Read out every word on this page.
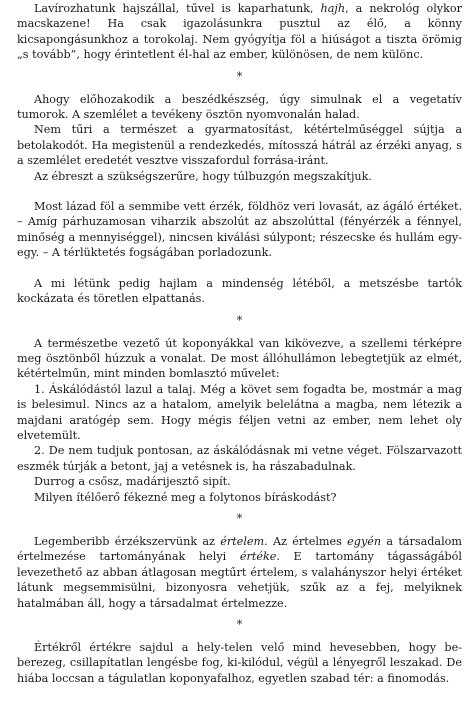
Lavírozhatunk hajszállal, tűvel is kaparhatunk, hajh, a nekrológ olykor macskazene! Ha csak igazolásunkra pusztul az élő, a könny kicsapongásunkhoz a torokolaj. Nem gyógyítja föl a hiúságot a tiszta örömig „s tovább”, hogy érintetlent él-hal az ember, különösen, de nem különc.

*

Ahogy előhozakodik a beszédkészség, úgy simulnak el a vegetatív tumorok. A szemlélet a tevékeny ösztön nyomvonalán halad.

Nem tűri a természet a gyarmatosítást, kétértelműséggel sújtja a betolakodót. Ha megistenül a rendezkedés, mítosszá hátrál az érzéki anyag, s a szemlélet eredetét vesztve visszafordul forrása-iránt.

Az ébreszt a szükségszerűre, hogy túlbuzgón megszakítjuk.

Most lázad föl a semmibe vett érzék, földhöz veri lovasát, az ágáló értéket. – Amíg párhuzamosan viharzik abszolút az abszolúttal (fényérzék a fénnyel, minőség a mennyiséggel), nincsen kiválási súlypont; részecske és hullám egy-egy. – A térlüktetés fogságában porladozunk.

A mi létünk pedig hajlam a mindenség létéből, a metszésbe tartók kockázata és töretlen elpattanás.

*

A természetbe vezető út koponyákkal van kikövezve, a szellemi térképre meg ösztönből húzzuk a vonalat. De most állóhullámon lebegtetjük az elmét, kétértelműn, mint minden bomlasztó művelet:

1. Áskálódástól lazul a talaj. Még a követ sem fogadta be, mostmár a mag is belesimul. Nincs az a hatalom, amelyik belelátna a magba, nem létezik a majdani aratógép sem. Hogy mégis féljen vetni az ember, nem lehet oly elvetemült.

2. De nem tudjuk pontosan, az áskálódásnak mi vetne véget. Fölszarvazott eszmék túrják a betont, jaj a vetésnek is, ha rászabadulnak.

Durrog a csősz, madárijesztő sipít.

Milyen ítélőerő fékezné meg a folytonos bíráskodást?

*

Legemberibb érzékszervünk az értelem. Az értelmes egyén a társadalom értelmezése tartományának helyi értéke. E tartomány tágasságából levezethető az abban átlagosan megtűrt értelem, s valahányszor helyi értéket látunk megsemmisülni, bizonyosra vehetjük, szűk az a fej, melyiknek hatalmában áll, hogy a társadalmat értelmezze.

*

Értékről értékre sajdul a hely-telen velő mind hevesebben, hogy be-berezeg, csillapítatlan lengésbe fog, ki-kilódul, végül a lényegről leszakad. De hiába loccsan a tágulatlan koponyafalhoz, egyetlen szabad tér: a finomodás.
